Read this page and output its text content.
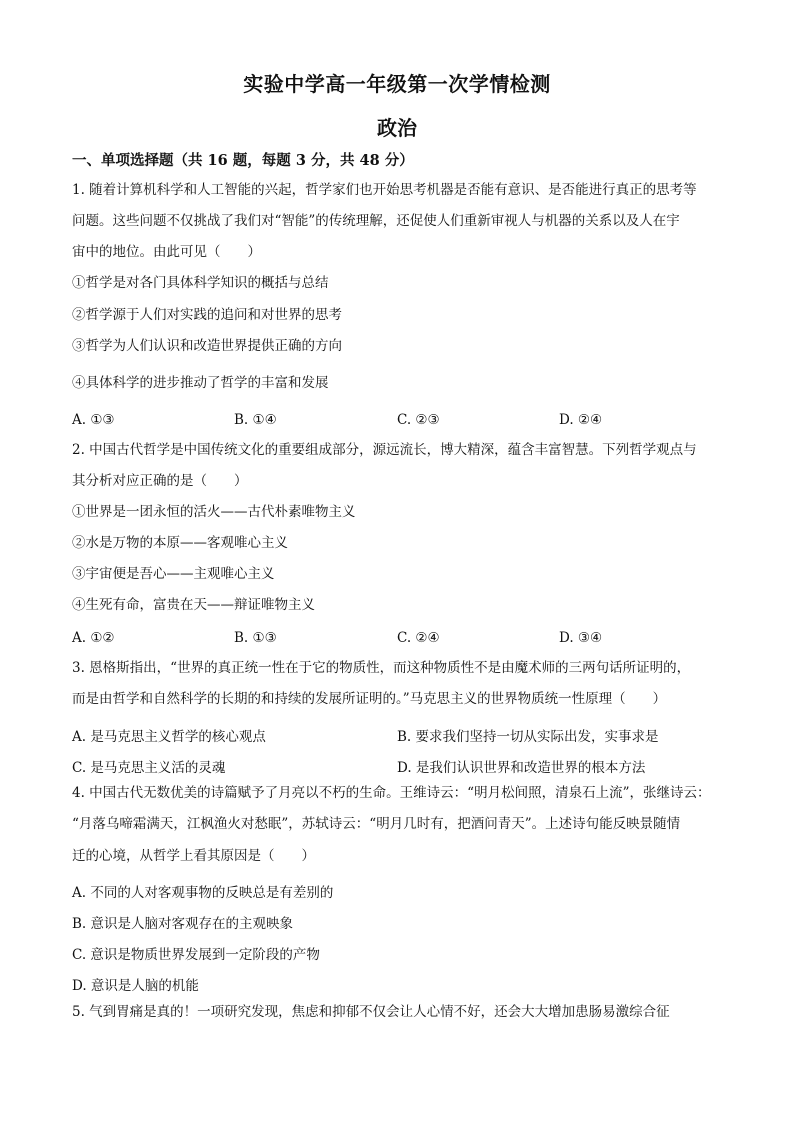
实验中学高一年级第一次学情检测
政治
一、单项选择题（共 16 题，每题 3 分，共 48 分）
1. 随着计算机科学和人工智能的兴起，哲学家们也开始思考机器是否能有意识、是否能进行真正的思考等
问题。这些问题不仅挑战了我们对“智能”的传统理解，还促使人们重新审视人与机器的关系以及人在宇
宙中的地位。由此可见（　　）
①哲学是对各门具体科学知识的概括与总结
②哲学源于人们对实践的追问和对世界的思考
③哲学为人们认识和改造世界提供正确的方向
④具体科学的进步推动了哲学的丰富和发展
A. ①③	B. ①④	C. ②③	D. ②④
2. 中国古代哲学是中国传统文化的重要组成部分，源远流长，博大精深，蕴含丰富智慧。下列哲学观点与
其分析对应正确的是（　　）
①世界是一团永恒的活火——古代朴素唯物主义
②水是万物的本原——客观唯心主义
③宇宙便是吾心——主观唯心主义
④生死有命，富贵在天——辩证唯物主义
A. ①②	B. ①③	C. ②④	D. ③④
3. 恩格斯指出，“世界的真正统一性在于它的物质性，而这种物质性不是由魔术师的三两句话所证明的，
而是由哲学和自然科学的长期的和持续的发展所证明的。”马克思主义的世界物质统一性原理（　　）
A. 是马克思主义哲学的核心观点	B. 要求我们坚持一切从实际出发，实事求是
C. 是马克思主义活的灵魂	D. 是我们认识世界和改造世界的根本方法
4. 中国古代无数优美的诗篇赋予了月亮以不朽的生命。王维诗云：“明月松间照，清泉石上流”，张继诗云：
“月落乌啼霜满天，江枫渔火对愁眠”，苏轼诗云：“明月几时有，把酒问青天”。上述诗句能反映景随情
迁的心境，从哲学上看其原因是（　　）
A. 不同的人对客观事物的反映总是有差别的
B. 意识是人脑对客观存在的主观映象
C. 意识是物质世界发展到一定阶段的产物
D. 意识是人脑的机能
5. 气到胃痛是真的！一项研究发现，焦虑和抑郁不仅会让人心情不好，还会大大增加患肠易激综合征
